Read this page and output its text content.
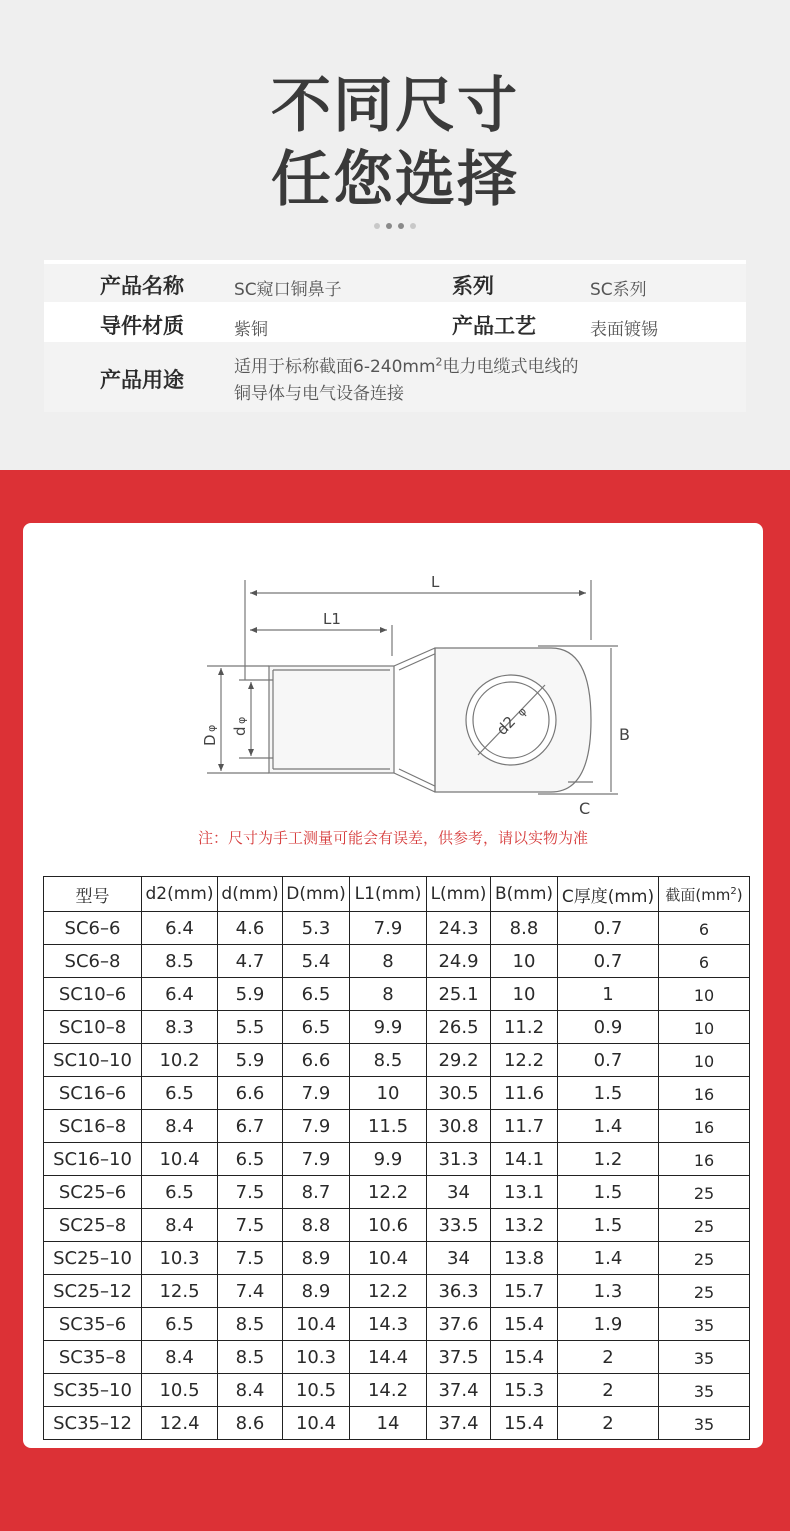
不同尺寸
任您选择
产品名称	SC窥口铜鼻子	系列	SC系列
导件材质	紫铜	产品工艺	表面镀锡
产品用途
适用于标称截面$6-240mm^2$电力电缆式电线的
铜导体与电气设备连接
L
L1
B
C
D
φ d
φ	d2
φ
注：尺寸为手工测量可能会有误差，供参考，请以实物为准
型号	d2(mm)	d(mm)	D(mm)	L1(mm)	L(mm)	B(mm)	C厚度(mm)	截面$(mm^2)$
SC6–6	6.4	4.6	5.3	7.9	24.3	8.8	0.7	6
SC6–8	8.5	4.7	5.4	8	24.9	10	0.7	6
SC10–6	6.4	5.9	6.5	8	25.1	10	1	10
SC10–8	8.3	5.5	6.5	9.9	26.5	11.2	0.9	10
SC10–10	10.2	5.9	6.6	8.5	29.2	12.2	0.7	10
SC16–6	6.5	6.6	7.9	10	30.5	11.6	1.5	16
SC16–8	8.4	6.7	7.9	11.5	30.8	11.7	1.4	16
SC16–10	10.4	6.5	7.9	9.9	31.3	14.1	1.2	16
SC25–6	6.5	7.5	8.7	12.2	34	13.1	1.5	25
SC25–8	8.4	7.5	8.8	10.6	33.5	13.2	1.5	25
SC25–10	10.3	7.5	8.9	10.4	34	13.8	1.4	25
SC25–12	12.5	7.4	8.9	12.2	36.3	15.7	1.3	25
SC35–6	6.5	8.5	10.4	14.3	37.6	15.4	1.9	35
SC35–8	8.4	8.5	10.3	14.4	37.5	15.4	2	35
SC35–10	10.5	8.4	10.5	14.2	37.4	15.3	2	35
SC35–12	12.4	8.6	10.4	14	37.4	15.4	2	35
